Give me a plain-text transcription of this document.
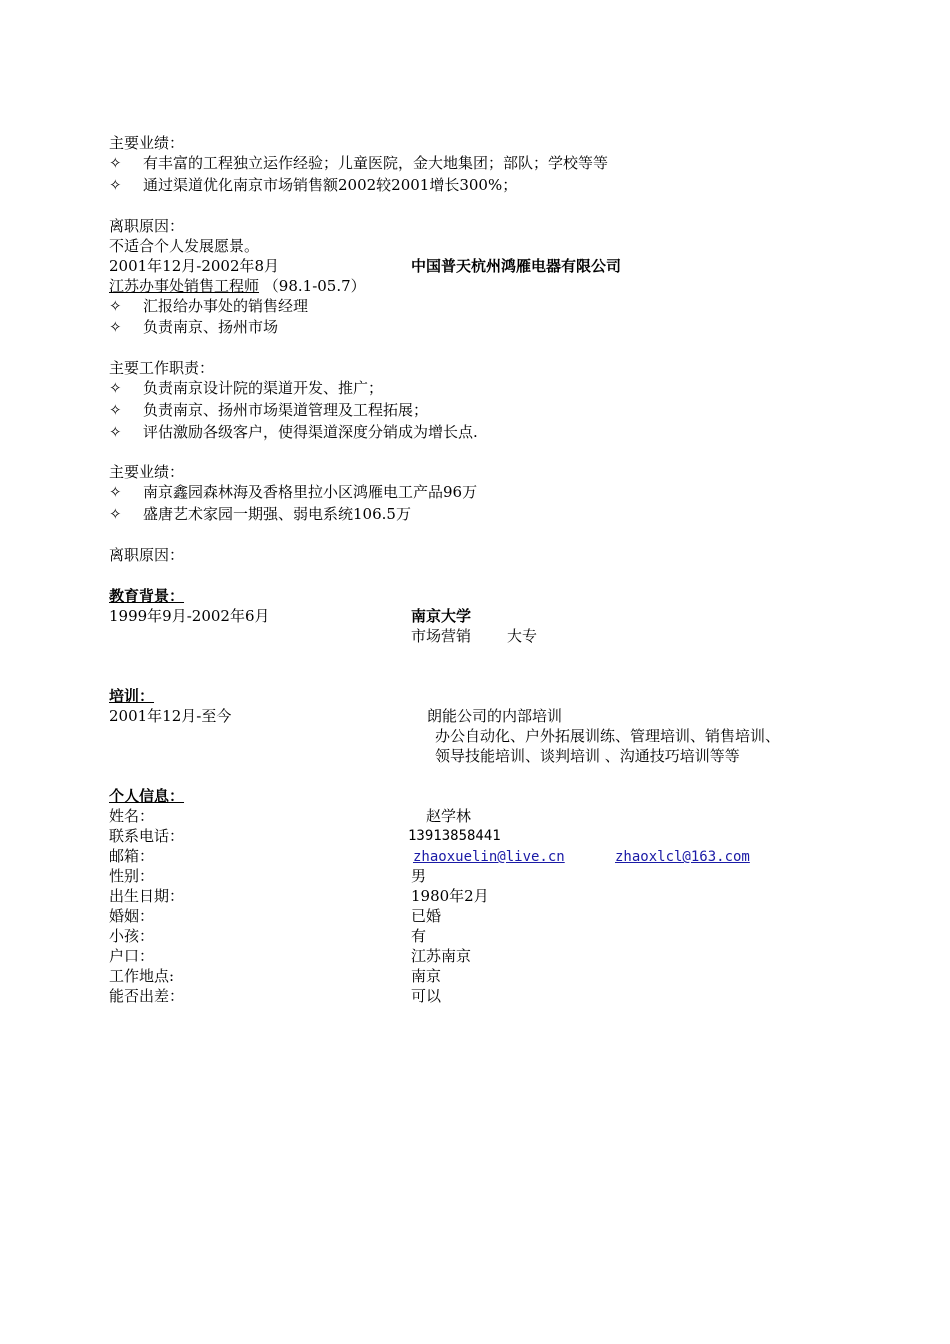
主要业绩：
✧ 有丰富的工程独立运作经验；儿童医院，金大地集团；部队；学校等等
✧ 通过渠道优化南京市场销售额2002较2001增长300%；
离职原因：
不适合个人发展愿景。
2001年12月-2002年8月	中国普天杭州鸿雁电器有限公司
江苏办事处销售工程师 （98.1-05.7）
✧ 汇报给办事处的销售经理
✧ 负责南京、扬州市场
主要工作职责：
✧ 负责南京设计院的渠道开发、推广；
✧ 负责南京、扬州市场渠道管理及工程拓展；
✧ 评估激励各级客户，使得渠道深度分销成为增长点.
主要业绩：
✧ 南京鑫园森林海及香格里拉小区鸿雁电工产品96万
✧ 盛唐艺术家园一期强、弱电系统106.5万
离职原因：
教育背景：
1999年9月-2002年6月	南京大学
市场营销 大专
培训：
2001年12月-至今	朗能公司的内部培训
办公自动化、户外拓展训练、管理培训、销售培训、
领导技能培训、谈判培训 、沟通技巧培训等等
个人信息：
姓名：	赵学林
联系电话：	13913858441
邮箱：	zhaoxuelin@live.cn	zhaoxlcl@163.com
性别：	男
出生日期：	1980年2月
婚姻：	已婚
小孩：	有
户口：	江苏南京
工作地点:	南京
能否出差：	可以
